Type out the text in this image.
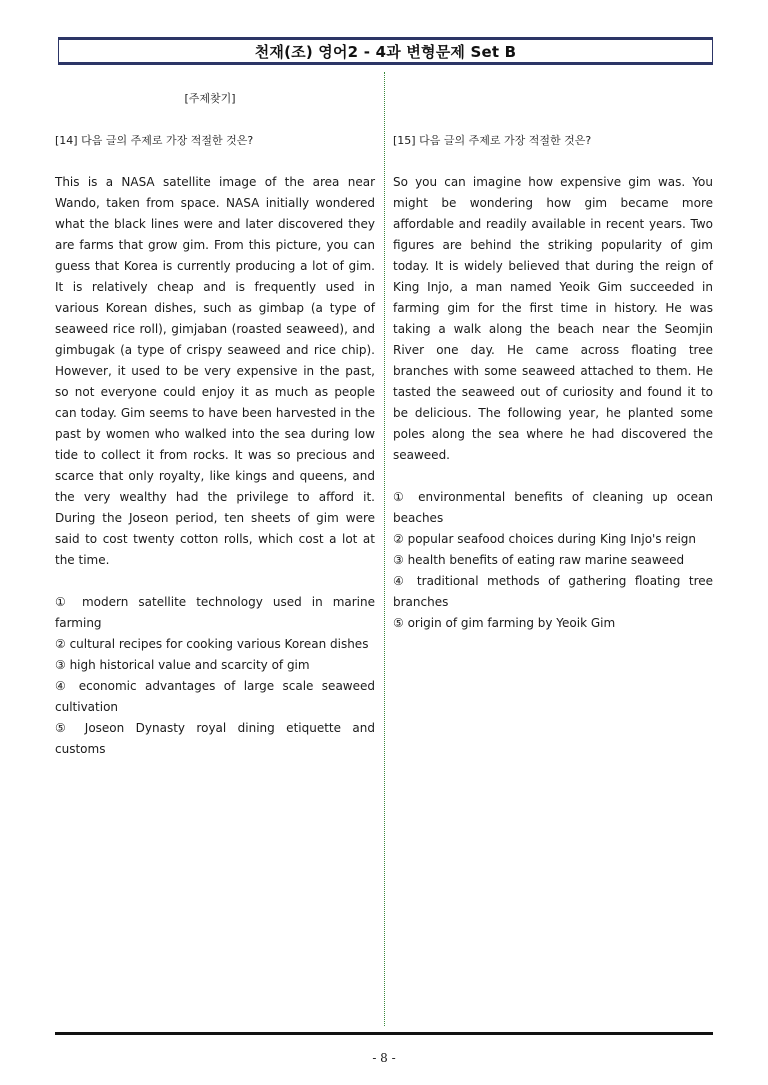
천재(조) 영어2 - 4과 변형문제 Set B
[주제찾기]
[14] 다음 글의 주제로 가장 적절한 것은?
This is a NASA satellite image of the area near Wando, taken from space. NASA initially wondered what the black lines were and later discovered they are farms that grow gim. From this picture, you can guess that Korea is currently producing a lot of gim. It is relatively cheap and is frequently used in various Korean dishes, such as gimbap (a type of seaweed rice roll), gimjaban (roasted seaweed), and gimbugak (a type of crispy seaweed and rice chip). However, it used to be very expensive in the past, so not everyone could enjoy it as much as people can today. Gim seems to have been harvested in the past by women who walked into the sea during low tide to collect it from rocks. It was so precious and scarce that only royalty, like kings and queens, and the very wealthy had the privilege to afford it. During the Joseon period, ten sheets of gim were said to cost twenty cotton rolls, which cost a lot at the time.
① modern satellite technology used in marine farming
② cultural recipes for cooking various Korean dishes
③ high historical value and scarcity of gim
④ economic advantages of large scale seaweed cultivation
⑤ Joseon Dynasty royal dining etiquette and customs
[15] 다음 글의 주제로 가장 적절한 것은?
So you can imagine how expensive gim was. You might be wondering how gim became more affordable and readily available in recent years. Two figures are behind the striking popularity of gim today. It is widely believed that during the reign of King Injo, a man named Yeoik Gim succeeded in farming gim for the first time in history. He was taking a walk along the beach near the Seomjin River one day. He came across floating tree branches with some seaweed attached to them. He tasted the seaweed out of curiosity and found it to be delicious. The following year, he planted some poles along the sea where he had discovered the seaweed.
① environmental benefits of cleaning up ocean beaches
② popular seafood choices during King Injo's reign
③ health benefits of eating raw marine seaweed
④ traditional methods of gathering floating tree branches
⑤ origin of gim farming by Yeoik Gim
- 8 -
